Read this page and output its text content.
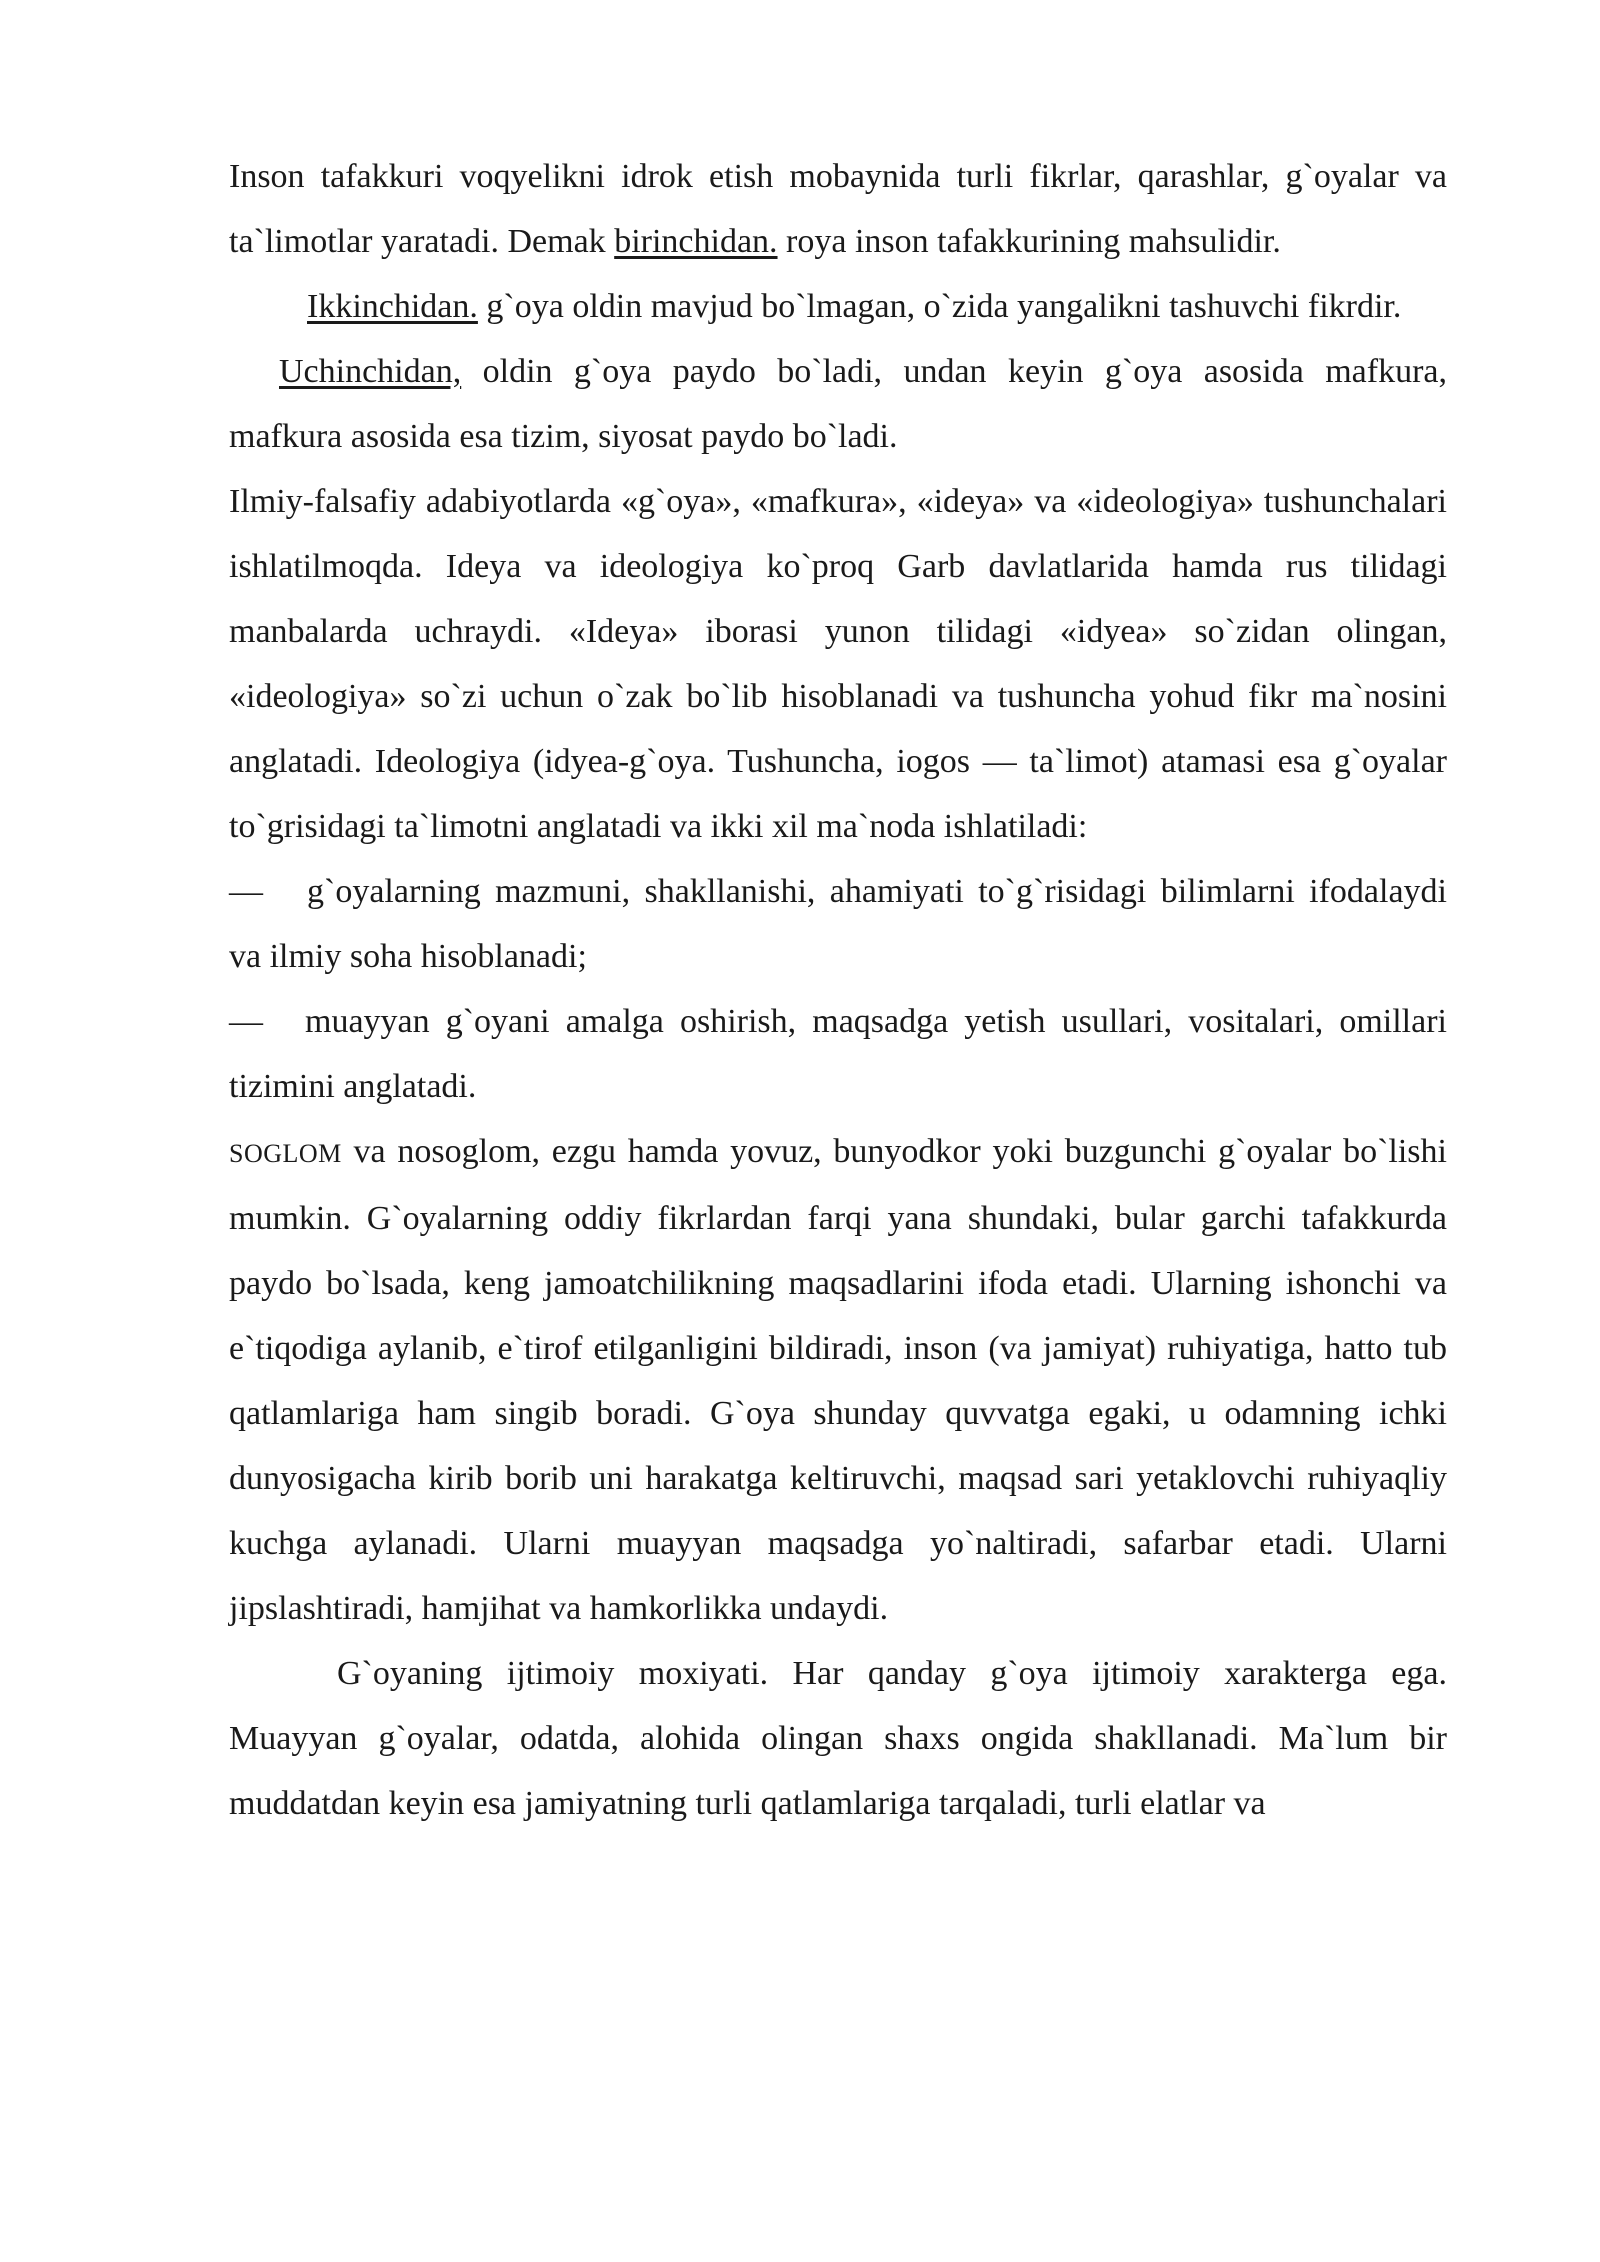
Inson tafakkuri voqyelikni idrok etish mobaynida turli fikrlar, qarashlar, g`oyalar va ta`limotlar yaratadi. Demak birinchidan. roya inson tafakkurining mahsulidir.

Ikkinchidan. g`oya oldin mavjud bo`lmagan, o`zida yangalikni tashuvchi fikrdir.

Uchinchidan, oldin g`oya paydo bo`ladi, undan keyin g`oya asosida mafkura, mafkura asosida esa tizim, siyosat paydo bo`ladi.

Ilmiy-falsafiy adabiyotlarda «g`oya», «mafkura», «ideya» va «ideologiya» tushunchalari ishlatilmoqda. Ideya va ideologiya ko`proq Garb davlatlarida hamda rus tilidagi manbalarda uchraydi. «Ideya» iborasi yunon tilidagi «idyea» so`zidan olingan, «ideologiya» so`zi uchun o`zak bo`lib hisoblanadi va tushuncha yohud fikr ma`nosini anglatadi. Ideologiya (idyea-g`oya. Tushuncha, iogos — ta`limot) atamasi esa g`oyalar to`grisidagi ta`limotni anglatadi va ikki xil ma`noda ishlatiladi:

— g`oyalarning mazmuni, shakllanishi, ahamiyati to`g`risidagi bilimlarni ifodalaydi va ilmiy soha hisoblanadi;

— muayyan g`oyani amalga oshirish, maqsadga yetish usullari, vositalari, omillari tizimini anglatadi.

SOGLOM va nosoglom, ezgu hamda yovuz, bunyodkor yoki buzgunchi g`oyalar bo`lishi mumkin. G`oyalarning oddiy fikrlardan farqi yana shundaki, bular garchi tafakkurda paydo bo`lsada, keng jamoatchilikning maqsadlarini ifoda etadi. Ularning ishonchi va e`tiqodiga aylanib, e`tirof etilganligini bildiradi, inson (va jamiyat) ruhiyatiga, hatto tub qatlamlariga ham singib boradi. G`oya shunday quvvatga egaki, u odamning ichki dunyosigacha kirib borib uni harakatga keltiruvchi, maqsad sari yetaklovchi ruhiyaqliy kuchga aylanadi. Ularni muayyan maqsadga yo`naltiradi, safarbar etadi. Ularni jipslashtiradi, hamjihat va hamkorlikka undaydi.

G`oyaning ijtimoiy moxiyati. Har qanday g`oya ijtimoiy xarakterga ega. Muayyan g`oyalar, odatda, alohida olingan shaxs ongida shakllanadi. Ma`lum bir muddatdan keyin esa jamiyatning turli qatlamlariga tarqaladi, turli elatlar va
